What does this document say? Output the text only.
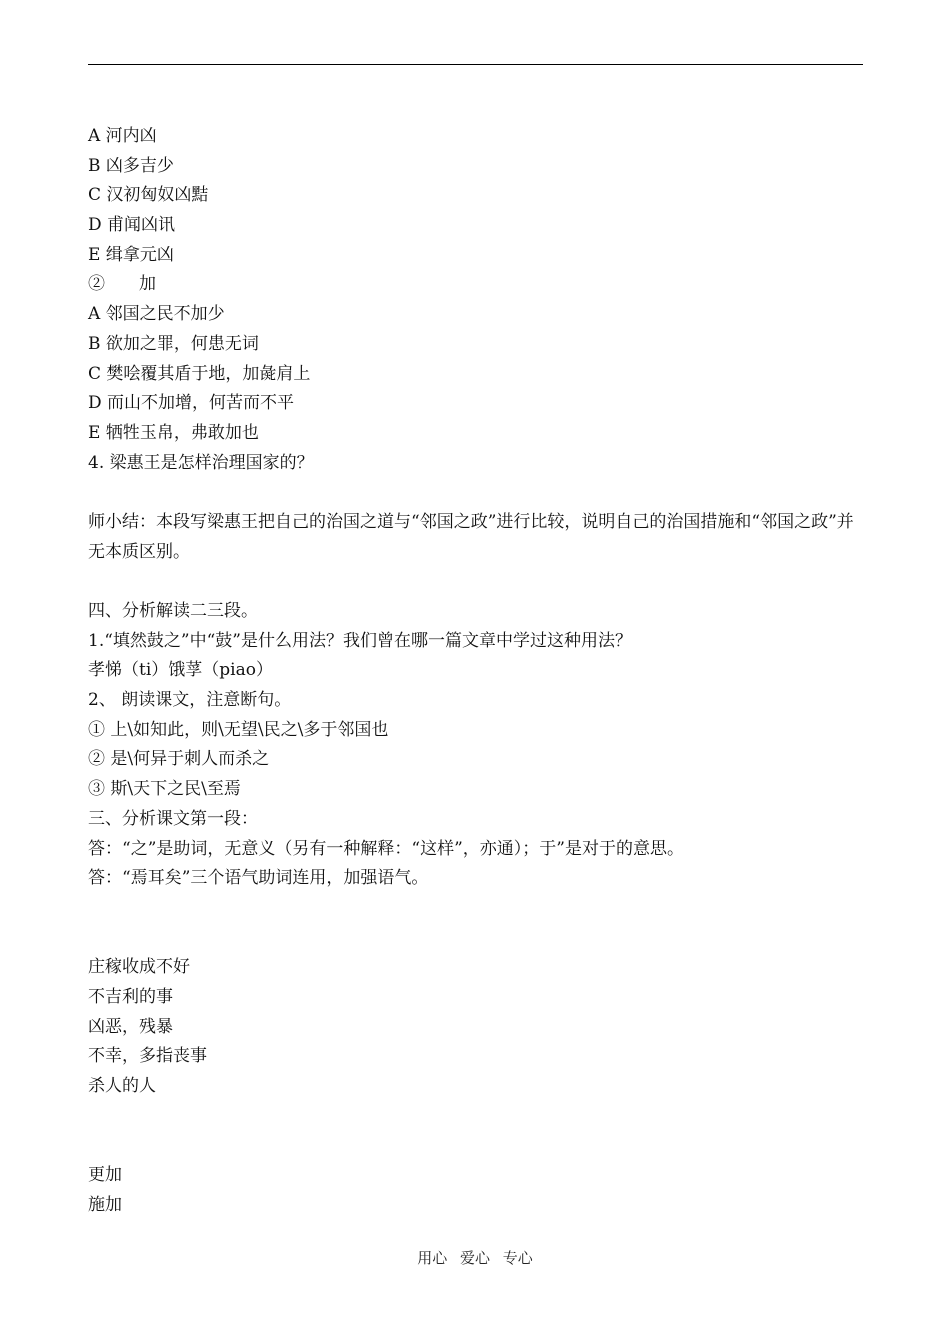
A 河内凶
B 凶多吉少
C 汉初匈奴凶黠
D 甫闻凶讯
E 缉拿元凶
②　　加
A 邻国之民不加少
B 欲加之罪，何患无词
C 樊哙覆其盾于地，加彘肩上
D 而山不加增，何苦而不平
E 牺牲玉帛，弗敢加也
4. 梁惠王是怎样治理国家的？
师小结：本段写梁惠王把自己的治国之道与“邻国之政”进行比较，说明自己的治国措施和“邻国之政”并无本质区别。
四、分析解读二三段。
1.“填然鼓之”中“鼓”是什么用法？我们曾在哪一篇文章中学过这种用法？
孝悌（ti）饿莩（piao）
2、 朗读课文，注意断句。
① 上\如知此，则\无望\民之\多于邻国也
② 是\何异于刺人而杀之
③ 斯\天下之民\至焉
三、分析课文第一段：
答：“之”是助词，无意义（另有一种解释：“这样”，亦通）；于”是对于的意思。
答：“焉耳矣”三个语气助词连用，加强语气。
庄稼收成不好
不吉利的事
凶恶，残暴
不幸，多指丧事
杀人的人
更加
施加
用心 爱心 专心
